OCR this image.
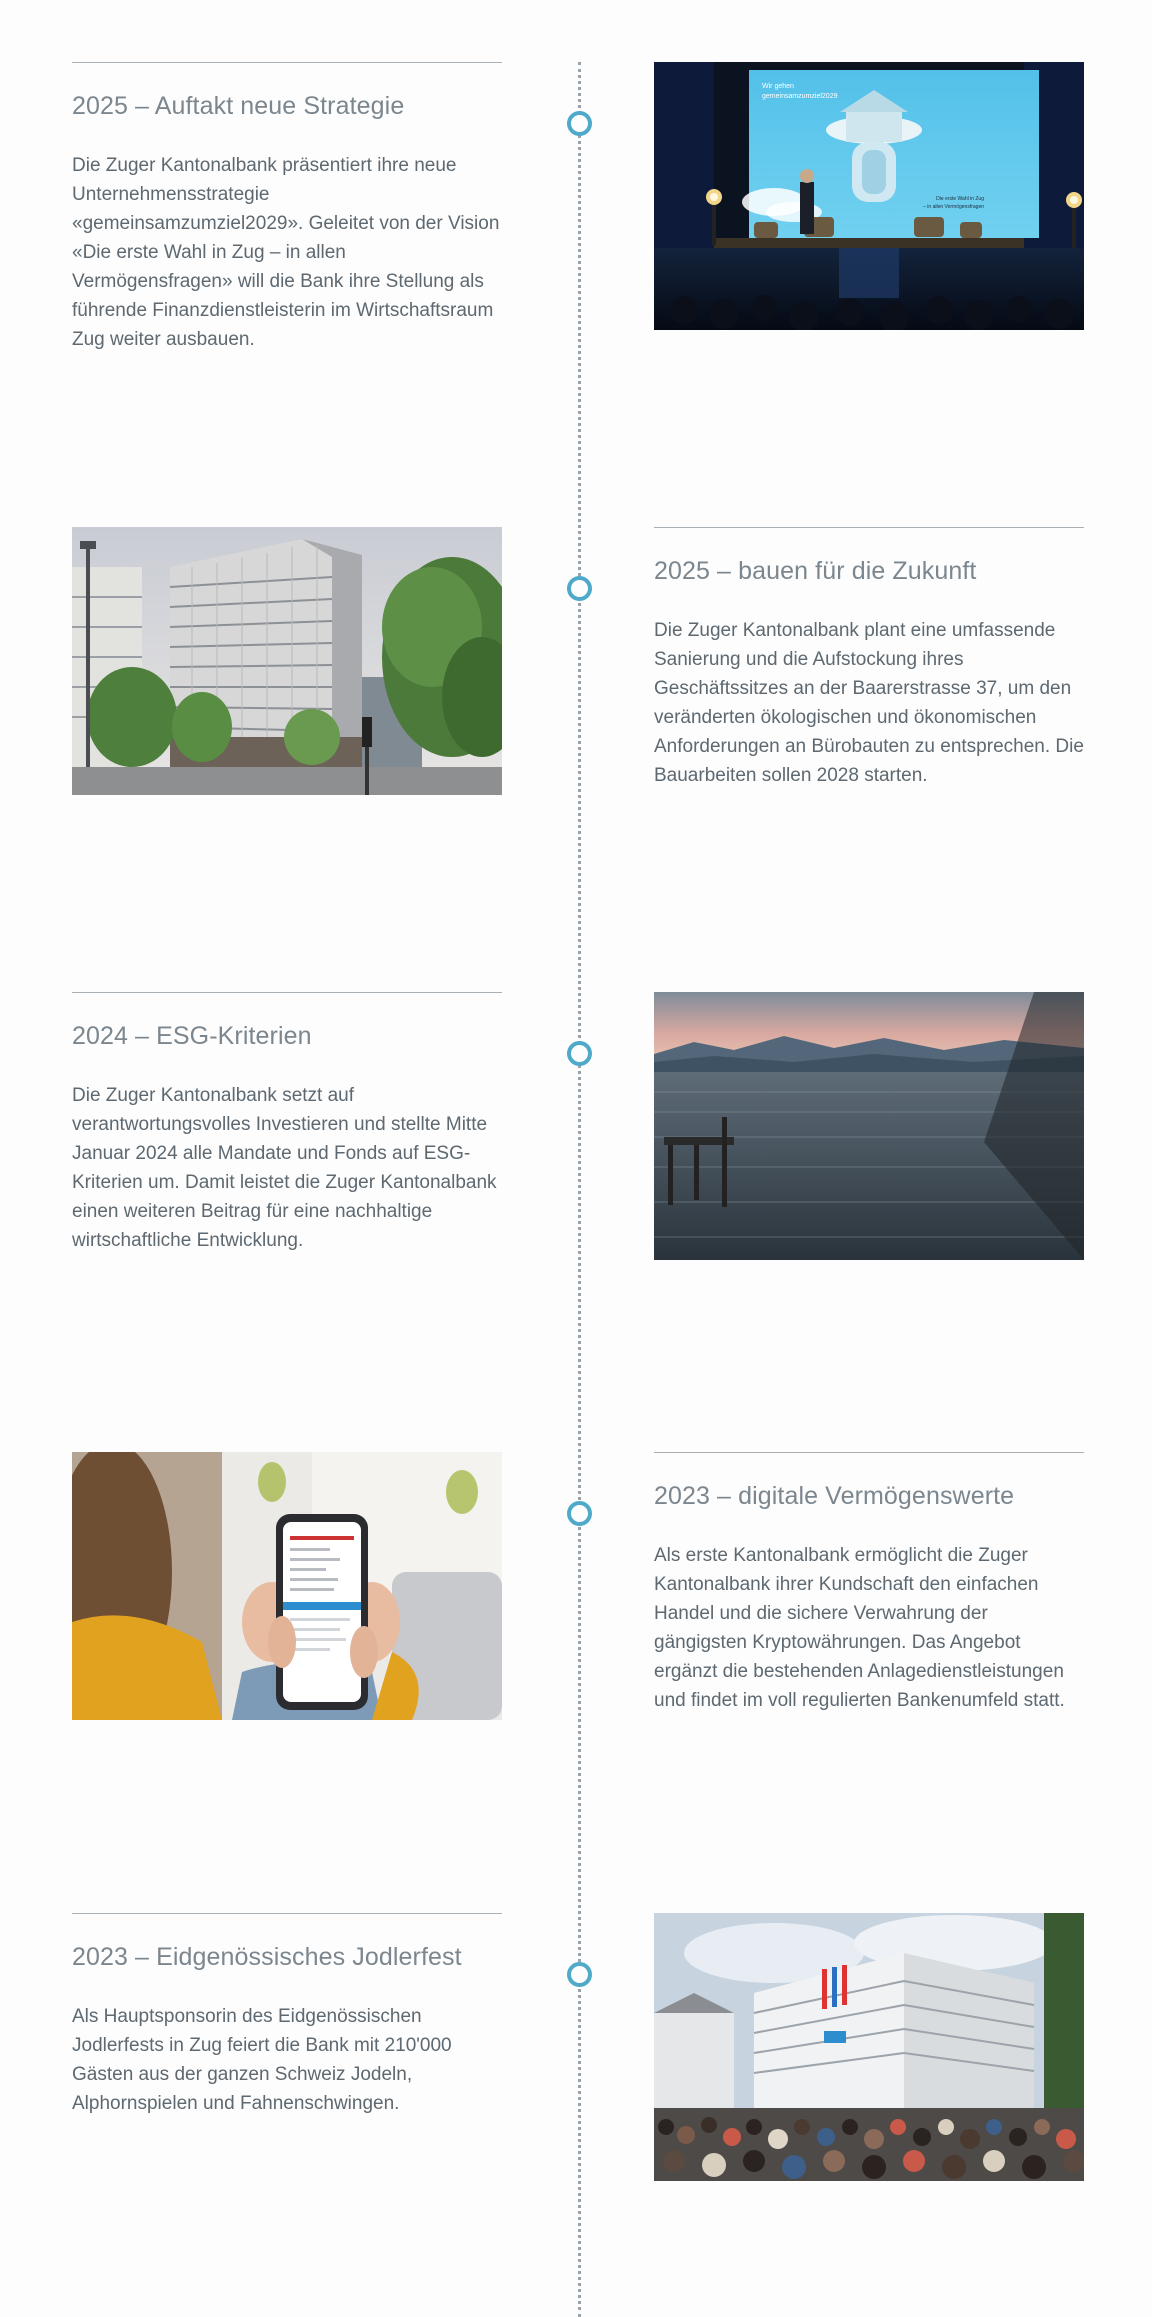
2025 – Auftakt neue Strategie

Die Zuger Kantonalbank präsentiert ihre neue Unternehmensstrategie «gemeinsamzumziel2029». Geleitet von der Vision «Die erste Wahl in Zug – in allen Vermögensfragen» will die Bank ihre Stellung als führende Finanzdienstleisterin im Wirtschaftsraum Zug weiter ausbauen.

Wir gehen
gemeinsamzumziel2029
Die erste Wahl in Zug
– in allen Vermögensfragen
2025 – bauen für die Zukunft

Die Zuger Kantonalbank plant eine umfassende Sanierung und die Aufstockung ihres Geschäftssitzes an der Baarerstrasse 37, um den veränderten ökologischen und ökonomischen Anforderungen an Bürobauten zu entsprechen. Die Bauarbeiten sollen 2028 starten.

2024 – ESG-Kriterien

Die Zuger Kantonalbank setzt auf verantwortungsvolles Investieren und stellte Mitte Januar 2024 alle Mandate und Fonds auf ESG-Kriterien um. Damit leistet die Zuger Kantonalbank einen weiteren Beitrag für eine nachhaltige wirtschaftliche Entwicklung.

2023 – digitale Vermögenswerte

Als erste Kantonalbank ermöglicht die Zuger Kantonalbank ihrer Kundschaft den einfachen Handel und die sichere Verwahrung der gängigsten Kryptowährungen. Das Angebot ergänzt die bestehenden Anlagedienstleistungen und findet im voll regulierten Bankenumfeld statt.

2023 – Eidgenössisches Jodlerfest

Als Hauptsponsorin des Eidgenössischen Jodlerfests in Zug feiert die Bank mit 210'000 Gästen aus der ganzen Schweiz Jodeln, Alphornspielen und Fahnenschwingen.
